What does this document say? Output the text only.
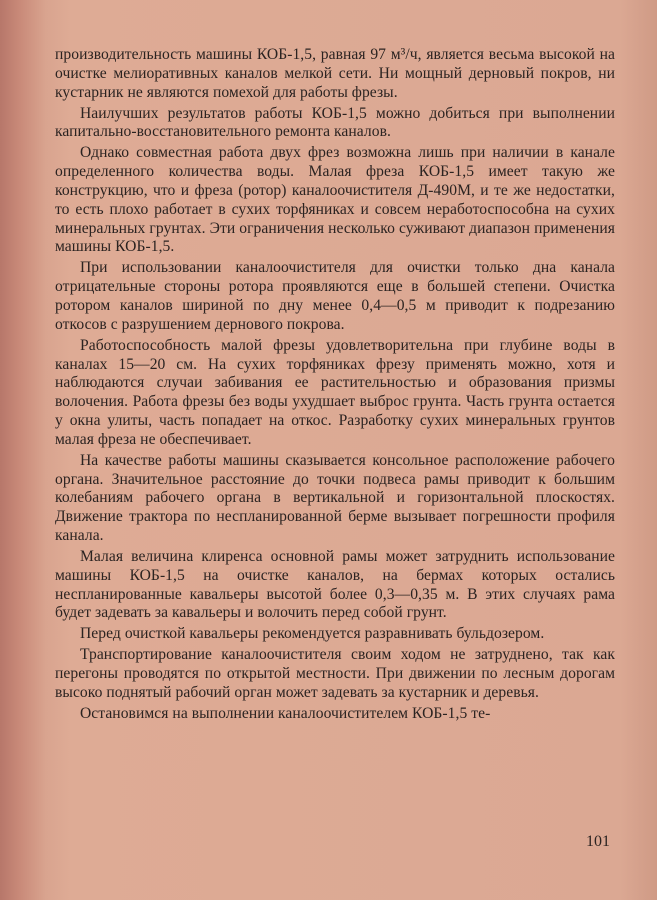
производительность машины КОБ-1,5, равная 97 м³/ч, является весьма высокой на очистке мелиоративных каналов мелкой сети. Ни мощный дерновый покров, ни кустарник не являются помехой для работы фрезы.

Наилучших результатов работы КОБ-1,5 можно добиться при выполнении капитально-восстановительного ремонта каналов.

Однако совместная работа двух фрез возможна лишь при наличии в канале определенного количества воды. Малая фреза КОБ-1,5 имеет такую же конструкцию, что и фреза (ротор) каналоочистителя Д-490М, и те же недостатки, то есть плохо работает в сухих торфяниках и совсем неработоспособна на сухих минеральных грунтах. Эти ограничения несколько суживают диапазон применения машины КОБ-1,5.

При использовании каналоочистителя для очистки только дна канала отрицательные стороны ротора проявляются еще в большей степени. Очистка ротором каналов шириной по дну менее 0,4—0,5 м приводит к подрезанию откосов с разрушением дернового покрова.

Работоспособность малой фрезы удовлетворительна при глубине воды в каналах 15—20 см. На сухих торфяниках фрезу применять можно, хотя и наблюдаются случаи забивания ее растительностью и образования призмы волочения. Работа фрезы без воды ухудшает выброс грунта. Часть грунта остается у окна улиты, часть попадает на откос. Разработку сухих минеральных грунтов малая фреза не обеспечивает.

На качестве работы машины сказывается консольное расположение рабочего органа. Значительное расстояние до точки подвеса рамы приводит к большим колебаниям рабочего органа в вертикальной и горизонтальной плоскостях. Движение трактора по неспланированной берме вызывает погрешности профиля канала.

Малая величина клиренса основной рамы может затруднить использование машины КОБ-1,5 на очистке каналов, на бермах которых остались неспланированные кавальеры высотой более 0,3—0,35 м. В этих случаях рама будет задевать за кавальеры и волочить перед собой грунт.

Перед очисткой кавальеры рекомендуется разравнивать бульдозером.

Транспортирование каналоочистителя своим ходом не затруднено, так как перегоны проводятся по открытой местности. При движении по лесным дорогам высоко поднятый рабочий орган может задевать за кустарник и деревья.

Остановимся на выполнении каналоочистителем КОБ-1,5 те-

101
